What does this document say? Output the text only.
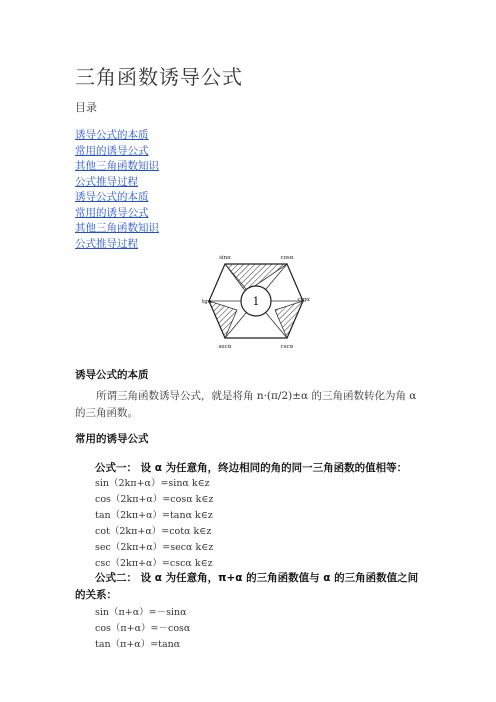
三角函数诱导公式
目录
诱导公式的本质
常用的诱导公式
其他三角函数知识
公式推导过程
诱导公式的本质
常用的诱导公式
其他三角函数知识
公式推导过程
1
sinα	cosα
tgα	ctgα
secα	cscα
诱导公式的本质
所谓三角函数诱导公式，就是将角 n·(π/2)±α 的三角函数转化为角 α 的三角函数。
常用的诱导公式
公式一： 设 α 为任意角，终边相同的角的同一三角函数的值相等：
sin（2kπ+α）=sinα k∈z
cos（2kπ+α）=cosα k∈z
tan（2kπ+α）=tanα k∈z
cot（2kπ+α）=cotα k∈z
sec（2kπ+α）=secα k∈z
csc（2kπ+α）=cscα k∈z
公式二： 设 α 为任意角，π+α 的三角函数值与 α 的三角函数值之间的关系：
sin（π+α）=－sinα
cos（π+α）=－cosα
tan（π+α）=tanα
